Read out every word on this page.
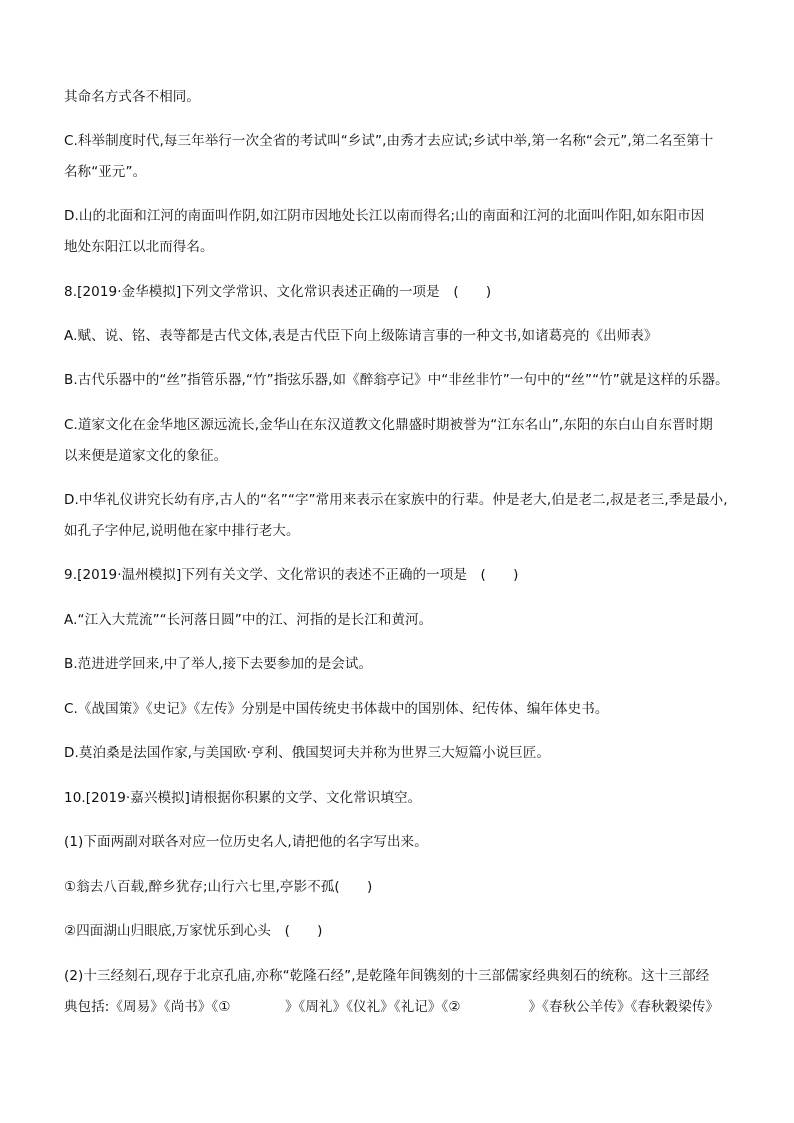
其命名方式各不相同。
C.科举制度时代,每三年举行一次全省的考试叫“乡试”,由秀才去应试;乡试中举,第一名称“会元”,第二名至第十
名称“亚元”。
D.山的北面和江河的南面叫作阴,如江阴市因地处长江以南而得名;山的南面和江河的北面叫作阳,如东阳市因
地处东阳江以北而得名。
8.[2019·金华模拟]下列文学常识、文化常识表述正确的一项是　(　　)
A.赋、说、铭、表等都是古代文体,表是古代臣下向上级陈请言事的一种文书,如诸葛亮的《出师表》
B.古代乐器中的“丝”指管乐器,“竹”指弦乐器,如《醉翁亭记》中“非丝非竹”一句中的“丝”“竹”就是这样的乐器。
C.道家文化在金华地区源远流长,金华山在东汉道教文化鼎盛时期被誉为“江东名山”,东阳的东白山自东晋时期
以来便是道家文化的象征。
D.中华礼仪讲究长幼有序,古人的“名”“字”常用来表示在家族中的行辈。仲是老大,伯是老二,叔是老三,季是最小,
如孔子字仲尼,说明他在家中排行老大。
9.[2019·温州模拟]下列有关文学、文化常识的表述不正确的一项是　(　　)
A.“江入大荒流”“长河落日圆”中的江、河指的是长江和黄河。
B.范进进学回来,中了举人,接下去要参加的是会试。
C.《战国策》《史记》《左传》分别是中国传统史书体裁中的国别体、纪传体、编年体史书。
D.莫泊桑是法国作家,与美国欧·亨利、俄国契诃夫并称为世界三大短篇小说巨匠。
10.[2019·嘉兴模拟]请根据你积累的文学、文化常识填空。
(1)下面两副对联各对应一位历史名人,请把他的名字写出来。
①翁去八百载,醉乡犹存;山行六七里,亭影不孤(　　)
②四面湖山归眼底,万家忧乐到心头　(　　)
(2)十三经刻石,现存于北京孔庙,亦称“乾隆石经”,是乾隆年间镌刻的十三部儒家经典刻石的统称。这十三部经
典包括:《周易》《尚书》《①　　　　》《周礼》《仪礼》《礼记》《②　　　　　》《春秋公羊传》《春秋穀梁传》
